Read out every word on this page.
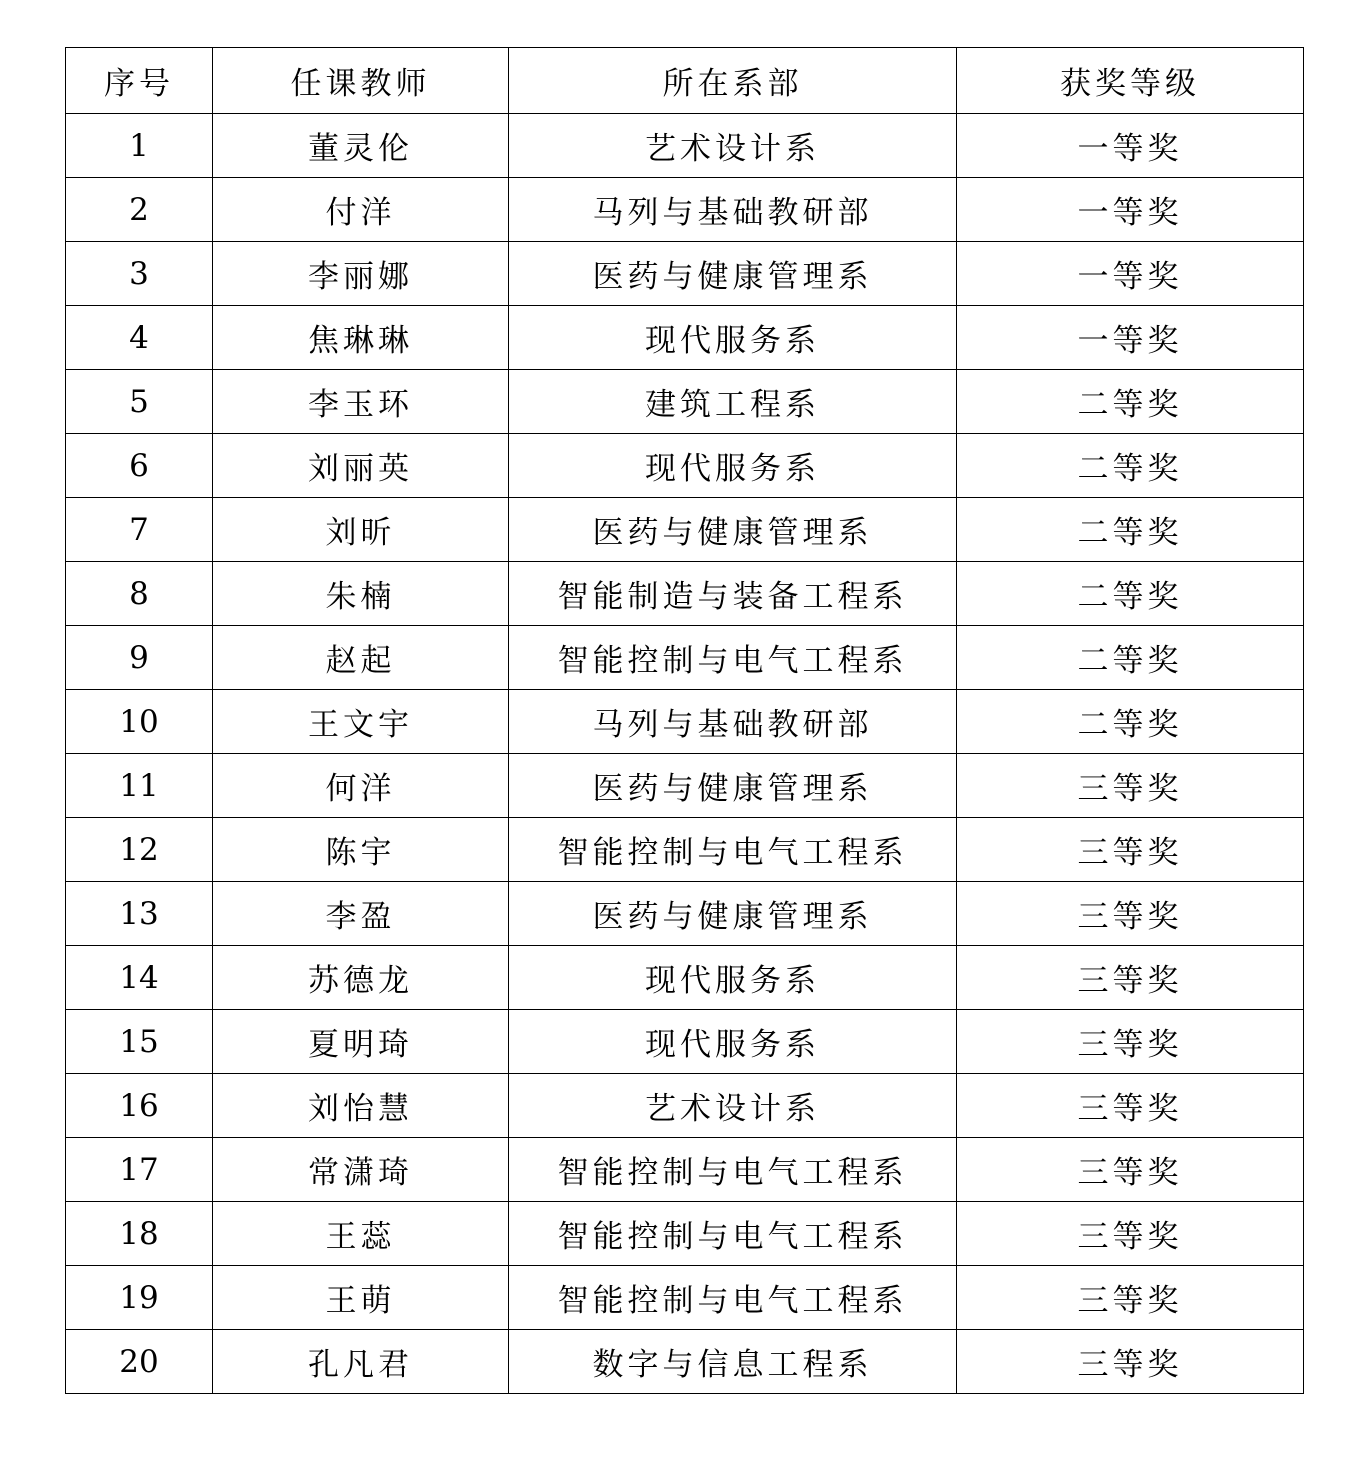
序号	任课教师	所在系部	获奖等级
1	董灵伦	艺术设计系	一等奖
2	付洋	马列与基础教研部	一等奖
3	李丽娜	医药与健康管理系	一等奖
4	焦琳琳	现代服务系	一等奖
5	李玉环	建筑工程系	二等奖
6	刘丽英	现代服务系	二等奖
7	刘昕	医药与健康管理系	二等奖
8	朱楠	智能制造与装备工程系	二等奖
9	赵起	智能控制与电气工程系	二等奖
10	王文宇	马列与基础教研部	二等奖
11	何洋	医药与健康管理系	三等奖
12	陈宇	智能控制与电气工程系	三等奖
13	李盈	医药与健康管理系	三等奖
14	苏德龙	现代服务系	三等奖
15	夏明琦	现代服务系	三等奖
16	刘怡慧	艺术设计系	三等奖
17	常潇琦	智能控制与电气工程系	三等奖
18	王蕊	智能控制与电气工程系	三等奖
19	王萌	智能控制与电气工程系	三等奖
20	孔凡君	数字与信息工程系	三等奖
